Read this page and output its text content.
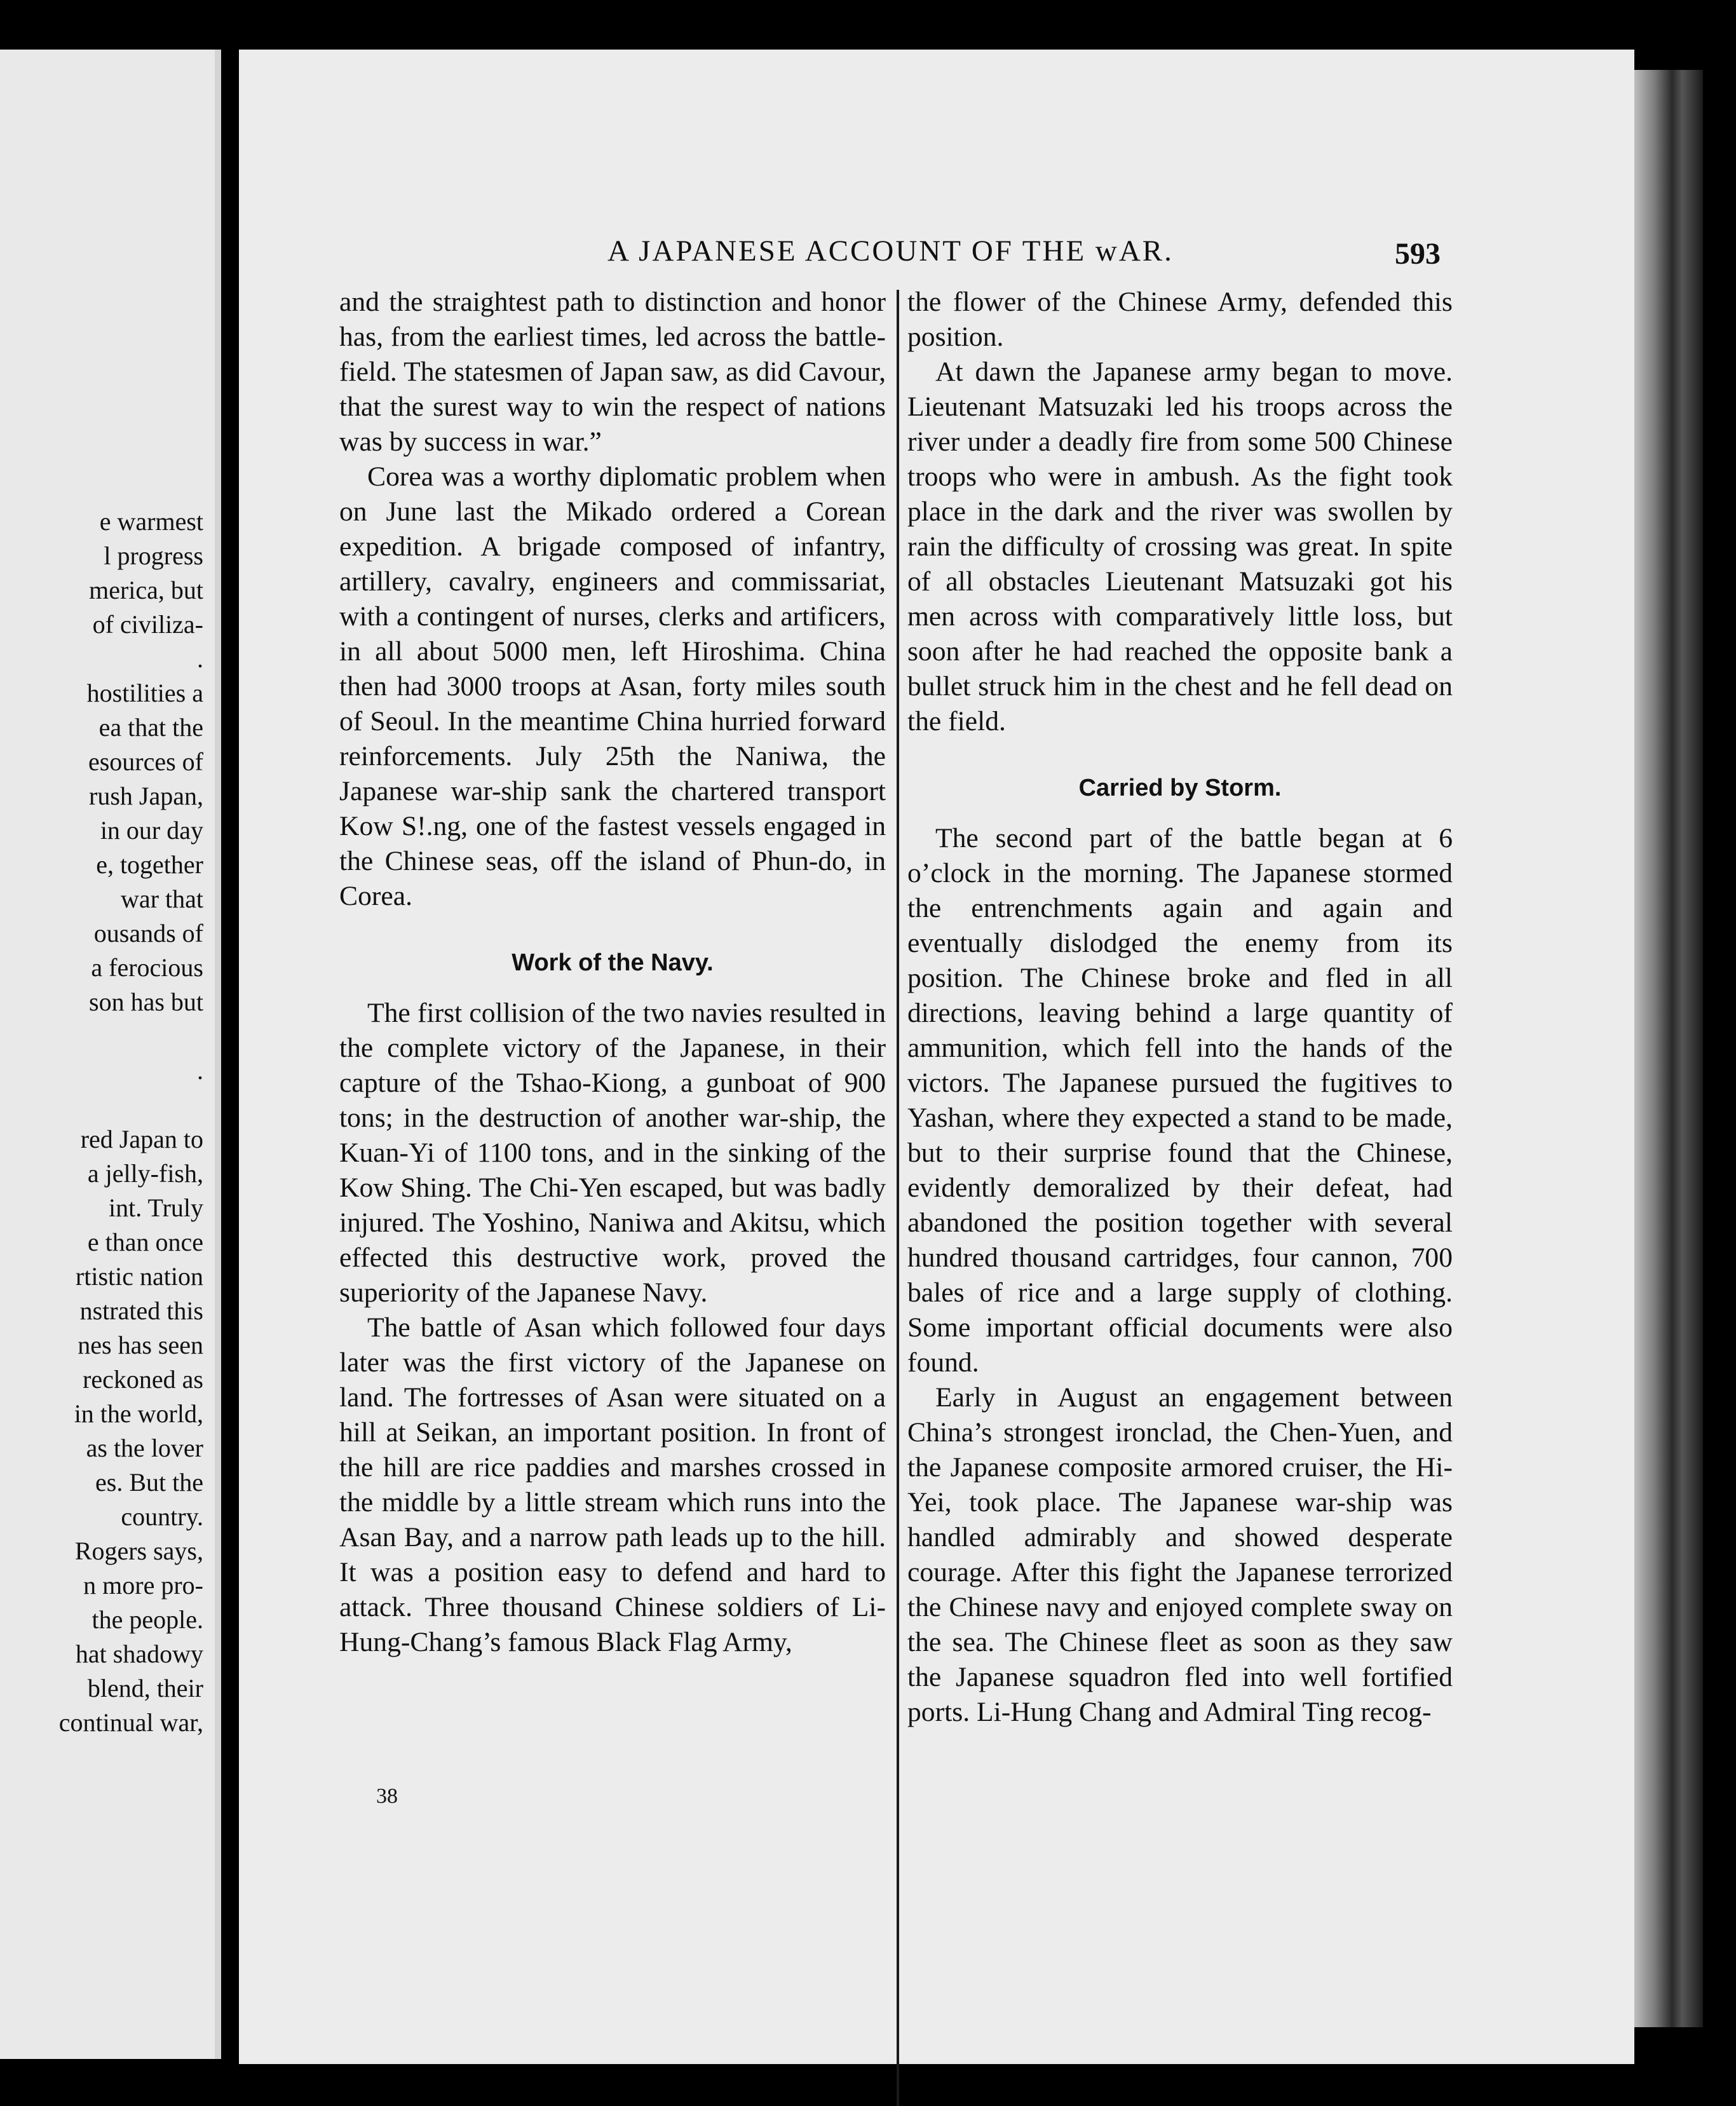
e warmest
l progress
merica, but
of civiliza-
.
hostilities a
ea that the
esources of
rush Japan,
in our day
e, together
war that
ousands of
a ferocious
son has but
.
red Japan to
a jelly-fish,
int. Truly
e than once
rtistic nation
nstrated this
nes has seen
reckoned as
in the world,
as the lover
es. But the
country.
Rogers says,
n more pro-
the people.
hat shadowy
blend, their
continual war,
A JAPANESE ACCOUNT OF THE wAR.	593

and the straightest path to distinction and honor has, from the earliest times, led across the battle-field. The statesmen of Japan saw, as did Cavour, that the surest way to win the respect of nations was by success in war.”

Corea was a worthy diplomatic problem when on June last the Mikado ordered a Corean expedition. A brigade composed of infantry, artillery, cavalry, engineers and commissariat, with a contingent of nurses, clerks and artificers, in all about 5000 men, left Hiroshima. China then had 3000 troops at Asan, forty miles south of Seoul. In the meantime China hurried forward reinforcements. July 25th the Naniwa, the Japanese war-ship sank the chartered transport Kow S!.ng, one of the fastest vessels engaged in the Chinese seas, off the island of Phun-do, in Corea.

Work of the Navy.

The first collision of the two navies resulted in the complete victory of the Japanese, in their capture of the Tshao-Kiong, a gunboat of 900 tons; in the destruction of another war-ship, the Kuan-Yi of 1100 tons, and in the sinking of the Kow Shing. The Chi-Yen escaped, but was badly injured. The Yoshino, Naniwa and Akitsu, which effected this destructive work, proved the superiority of the Japanese Navy.

The battle of Asan which followed four days later was the first victory of the Japanese on land. The fortresses of Asan were situated on a hill at Seikan, an important position. In front of the hill are rice paddies and marshes crossed in the middle by a little stream which runs into the Asan Bay, and a narrow path leads up to the hill. It was a position easy to defend and hard to attack. Three thousand Chinese soldiers of Li-Hung-Chang’s famous Black Flag Army,

the flower of the Chinese Army, defended this position.

At dawn the Japanese army began to move. Lieutenant Matsuzaki led his troops across the river under a deadly fire from some 500 Chinese troops who were in ambush. As the fight took place in the dark and the river was swollen by rain the difficulty of crossing was great. In spite of all obstacles Lieutenant Matsuzaki got his men across with comparatively little loss, but soon after he had reached the opposite bank a bullet struck him in the chest and he fell dead on the field.

Carried by Storm.

The second part of the battle began at 6 o’clock in the morning. The Japanese stormed the entrenchments again and again and eventually dislodged the enemy from its position. The Chinese broke and fled in all directions, leaving behind a large quantity of ammunition, which fell into the hands of the victors. The Japanese pursued the fugitives to Yashan, where they expected a stand to be made, but to their surprise found that the Chinese, evidently demoralized by their defeat, had abandoned the position together with several hundred thousand cartridges, four cannon, 700 bales of rice and a large supply of clothing. Some important official documents were also found.

Early in August an engagement between China’s strongest ironclad, the Chen-Yuen, and the Japanese composite armored cruiser, the Hi-Yei, took place. The Japanese war-ship was handled admirably and showed desperate courage. After this fight the Japanese terrorized the Chinese navy and enjoyed complete sway on the sea. The Chinese fleet as soon as they saw the Japanese squadron fled into well fortified ports. Li-Hung Chang and Admiral Ting recog-

38
